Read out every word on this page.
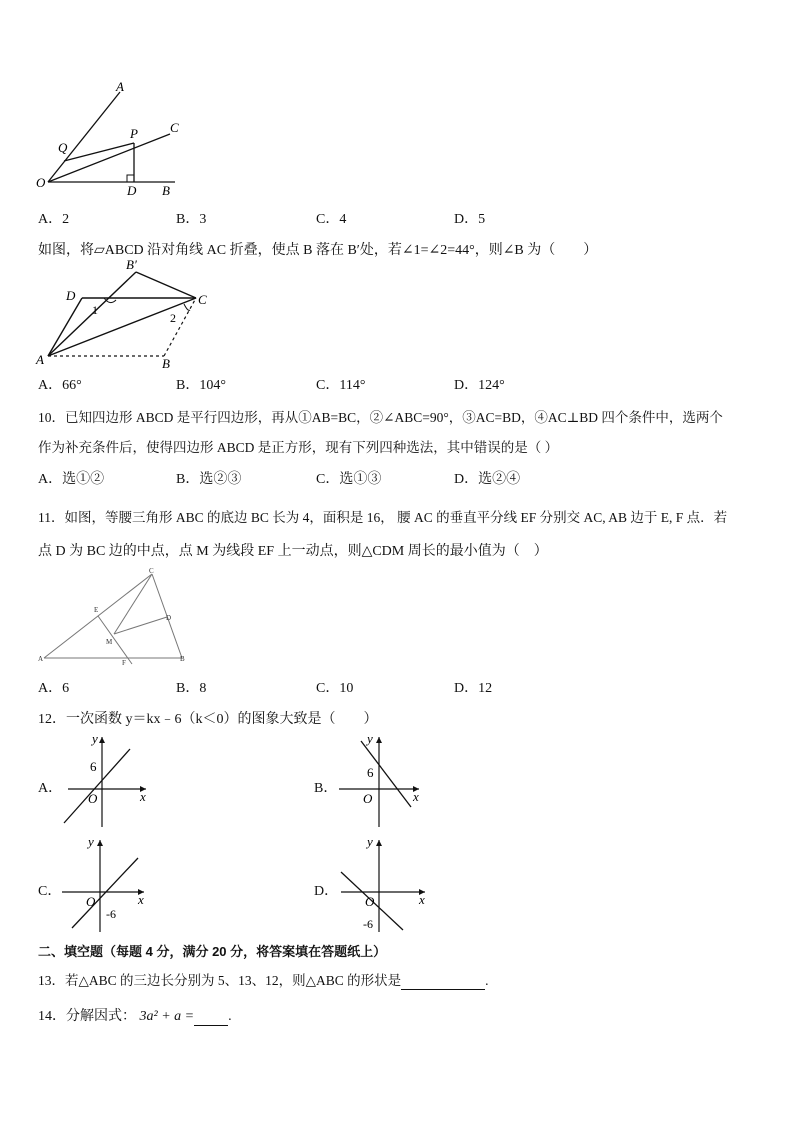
A
C
P
Q
O
D B
A．2	B．3	C．4	D．5
如图，将▱ABCD 沿对角线 AC 折叠，使点 B 落在 B′处，若∠1=∠2=44°，则∠B 为（　　）
B′
D	C
A	B
1
2
A．66°	B．104°	C．114°	D．124°
10．已知四边形 ABCD 是平行四边形，再从①AB=BC，②∠ABC=90°，③AC=BD，④AC⊥BD 四个条件中，选两个
作为补充条件后，使得四边形 ABCD 是正方形，现有下列四种选法，其中错误的是（ ）
A．选①②	B．选②③	C．选①③	D．选②④
11．如图，等腰三角形 ABC 的底边 BC 长为 4，面积是 16， 腰 AC 的垂直平分线 EF 分别交 AC, AB 边于 E, F 点．若
点 D 为 BC 边的中点，点 M 为线段 EF 上一动点，则△CDM 周长的最小值为（　）
C
E
D
M
A	F	B
A．6	B．8	C．10	D．12
12．一次函数 y＝kx﹣6（k＜0）的图象大致是（　　）
A．
y
x
O
6
B．
y
x
O
6
C．
y
x
O
-6
D．
y
x
O
-6
二、填空题（每题 4 分，满分 20 分，将答案填在答题纸上）
13．若△ABC 的三边长分别为 5、13、12，则△ABC 的形状是	.
14．分解因式： 3a² + a = .
